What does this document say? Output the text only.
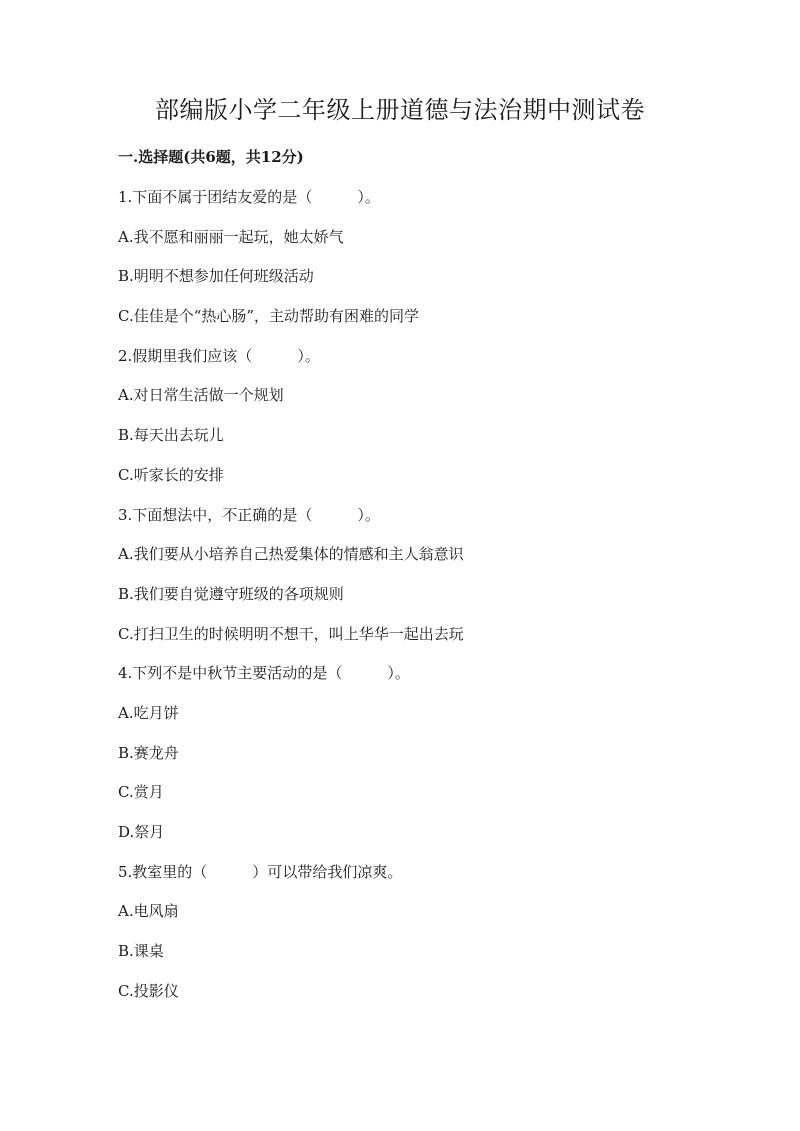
部编版小学二年级上册道德与法治期中测试卷
一.选择题(共6题，共12分)
1.下面不属于团结友爱的是（　　　）。
A.我不愿和丽丽一起玩，她太娇气
B.明明不想参加任何班级活动
C.佳佳是个“热心肠”，主动帮助有困难的同学
2.假期里我们应该（　　　）。
A.对日常生活做一个规划
B.每天出去玩儿
C.听家长的安排
3.下面想法中，不正确的是（　　　）。
A.我们要从小培养自己热爱集体的情感和主人翁意识
B.我们要自觉遵守班级的各项规则
C.打扫卫生的时候明明不想干，叫上华华一起出去玩
4.下列不是中秋节主要活动的是（　　　）。
A.吃月饼
B.赛龙舟
C.赏月
D.祭月
5.教室里的（　　　）可以带给我们凉爽。
A.电风扇
B.课桌
C.投影仪
